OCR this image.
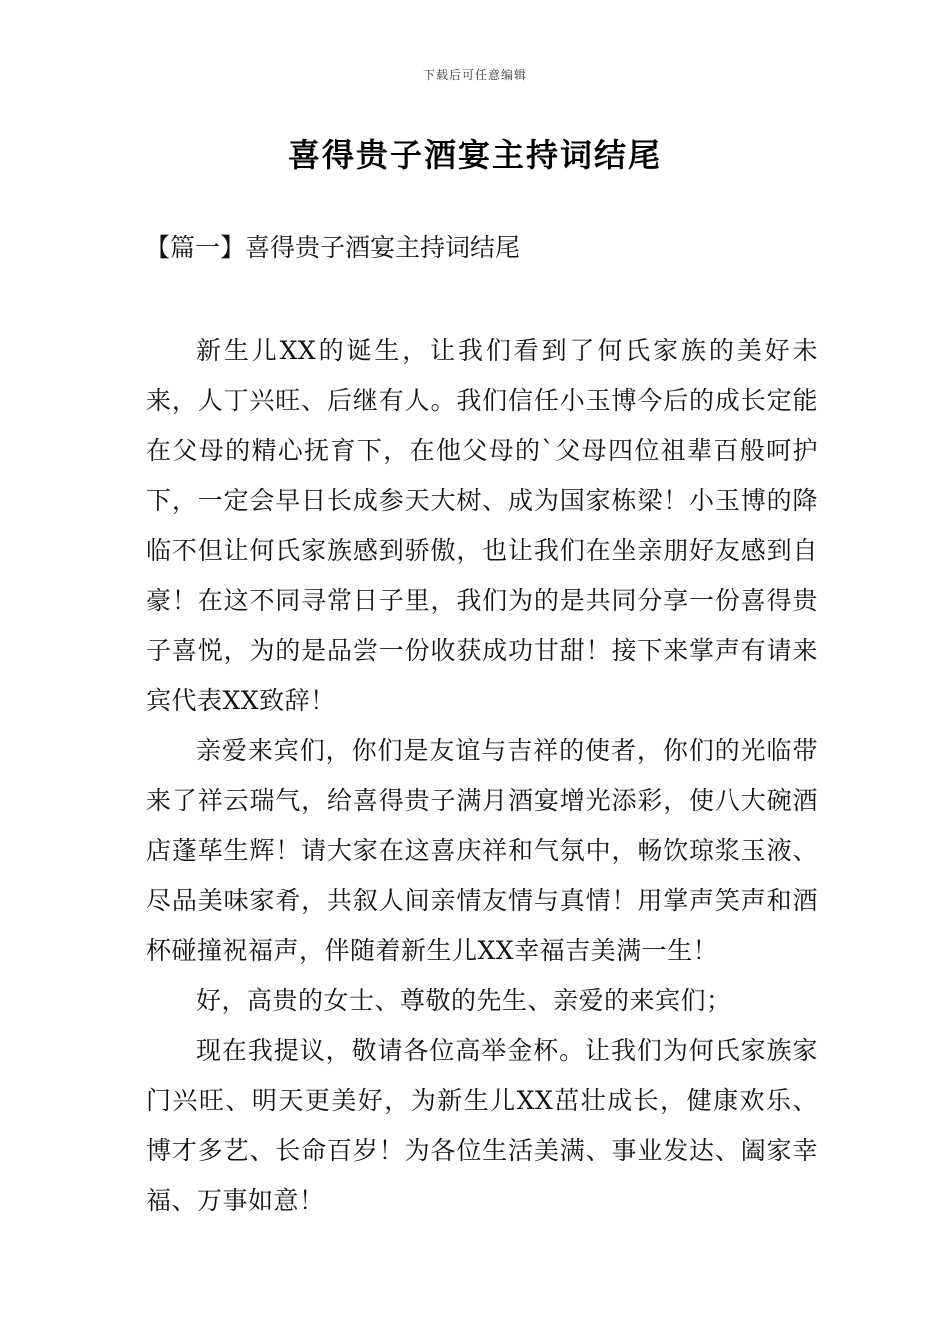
下载后可任意编辑
喜得贵子酒宴主持词结尾
【篇一】喜得贵子酒宴主持词结尾

新生儿XX的诞生，让我们看到了何氏家族的美好未来，人丁兴旺、后继有人。我们信任小玉博今后的成长定能在父母的精心抚育下，在他父母的`父母四位祖辈百般呵护下，一定会早日长成参天大树、成为国家栋梁！小玉博的降临不但让何氏家族感到骄傲，也让我们在坐亲朋好友感到自豪！在这不同寻常日子里，我们为的是共同分享一份喜得贵子喜悦，为的是品尝一份收获成功甘甜！接下来掌声有请来宾代表XX致辞！

亲爱来宾们，你们是友谊与吉祥的使者，你们的光临带来了祥云瑞气，给喜得贵子满月酒宴增光添彩，使八大碗酒店蓬荜生辉！请大家在这喜庆祥和气氛中，畅饮琼浆玉液、尽品美味家肴，共叙人间亲情友情与真情！用掌声笑声和酒杯碰撞祝福声，伴随着新生儿XX幸福吉美满一生！

好，高贵的女士、尊敬的先生、亲爱的来宾们；

现在我提议，敬请各位高举金杯。让我们为何氏家族家门兴旺、明天更美好，为新生儿XX茁壮成长，健康欢乐、博才多艺、长命百岁！为各位生活美满、事业发达、阖家幸福、万事如意！
